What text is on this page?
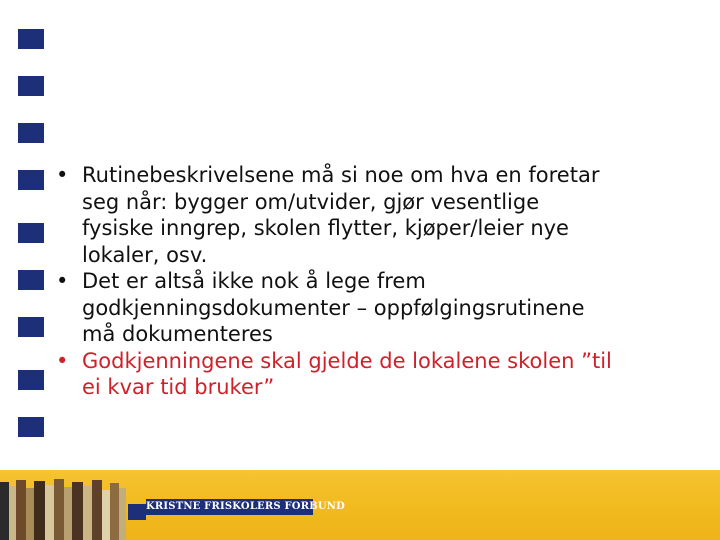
• Rutinebeskrivelsene må si noe om hva en foretar
seg når: bygger om/utvider, gjør vesentlige
fysiske inngrep, skolen flytter, kjøper/leier nye
lokaler, osv.
• Det er altså ikke nok å lege frem
godkjenningsdokumenter – oppfølgingsrutinene
må dokumenteres
• Godkjenningene skal gjelde de lokalene skolen ”til
ei kvar tid bruker”
KRISTNE FRISKOLERS FORBUND
